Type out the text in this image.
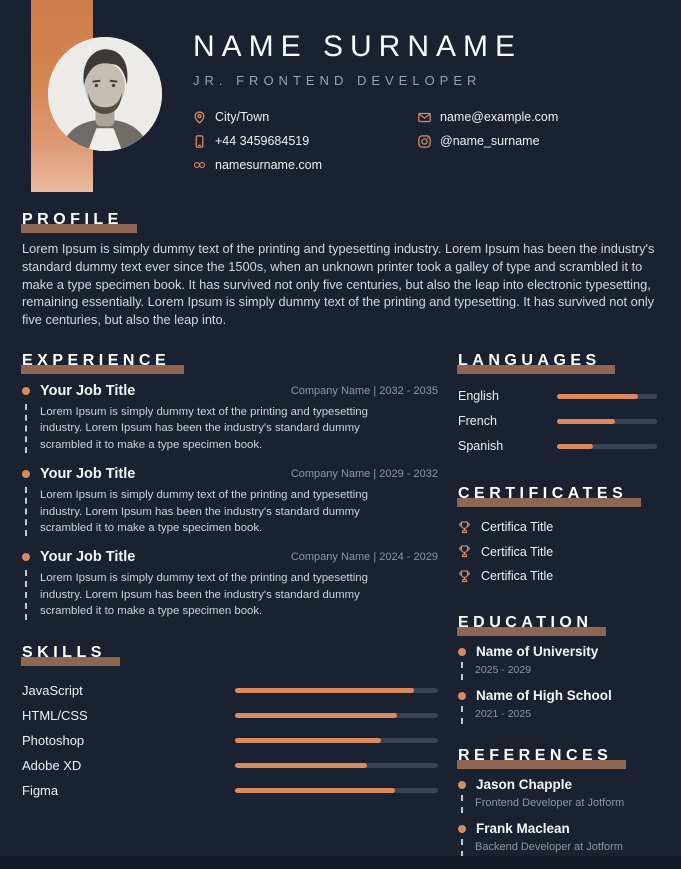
NAME SURNAME
JR. FRONTEND DEVELOPER
City/Town
+44 3459684519
namesurname.com
name@example.com
@name_surname
PROFILE
Lorem Ipsum is simply dummy text of the printing and typesetting industry. Lorem Ipsum has been the industry's standard dummy text ever since the 1500s, when an unknown printer took a galley of type and scrambled it to make a type specimen book. It has survived not only five centuries, but also the leap into electronic typesetting, remaining essentially. Lorem Ipsum is simply dummy text of the printing and typesetting. It has survived not only five centuries, but also the leap into.
EXPERIENCE
Your Job Title	Company Name | 2032 - 2035
Lorem Ipsum is simply dummy text of the printing and typesetting industry. Lorem Ipsum has been the industry's standard dummy scrambled it to make a type specimen book.
Your Job Title	Company Name | 2029 - 2032
Lorem Ipsum is simply dummy text of the printing and typesetting industry. Lorem Ipsum has been the industry's standard dummy scrambled it to make a type specimen book.
Your Job Title	Company Name | 2024 - 2029
Lorem Ipsum is simply dummy text of the printing and typesetting industry. Lorem Ipsum has been the industry's standard dummy scrambled it to make a type specimen book.
SKILLS
JavaScript
HTML/CSS
Photoshop
Adobe XD
Figma
LANGUAGES
English
French
Spanish
CERTIFICATES
Certifica Title
Certifica Title
Certifica Title
EDUCATION
Name of University
2025 - 2029
Name of High School
2021 - 2025
REFERENCES
Jason Chapple
Frontend Developer at Jotform
Frank Maclean
Backend Developer at Jotform
